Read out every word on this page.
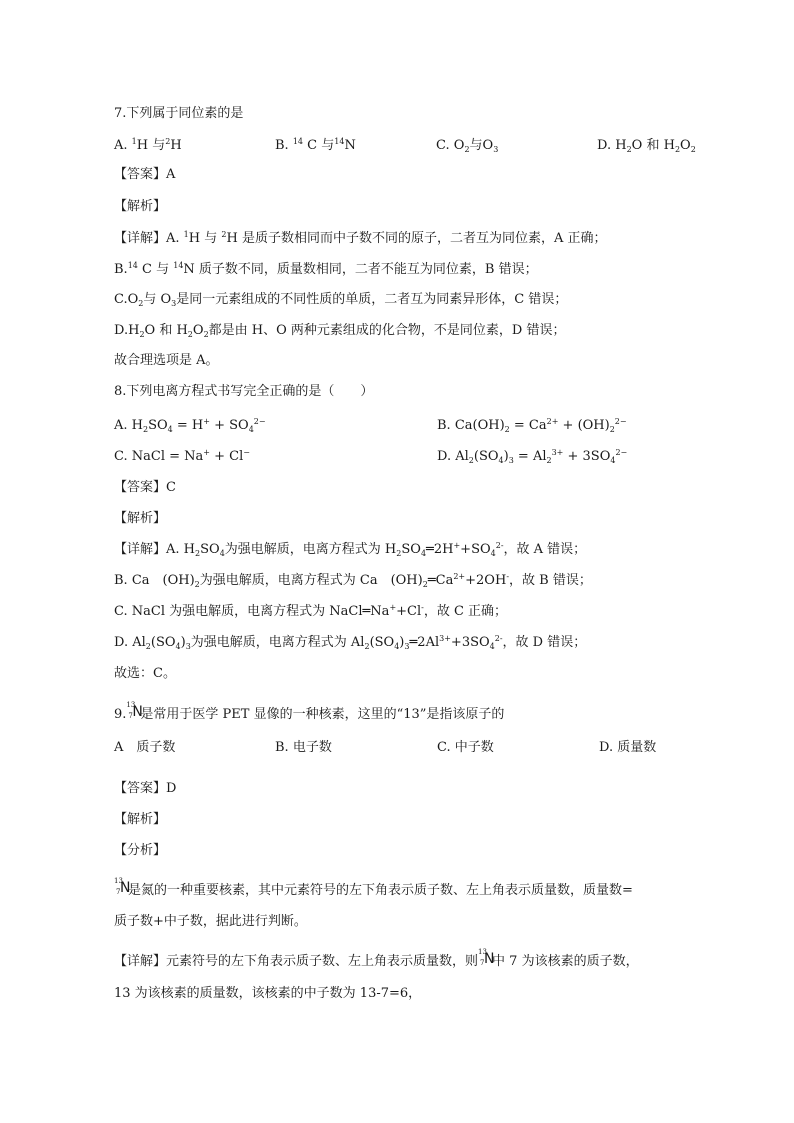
7.下列属于同位素的是
A. $^1$H 与$^2$H	B. $^{14}$ C 与$^{14}$N	C. $O_2$与$O_3$	D. $H_2O$ 和 $H_2O_2$
【答案】A
【解析】
【详解】A. $^1$H 与 $^2$H 是质子数相同而中子数不同的原子，二者互为同位素，A 正确；
B.$^{14}$ C 与 $^{14}$N 质子数不同，质量数相同，二者不能互为同位素，B 错误；
$C.O_2$与 $O_3$是同一元素组成的不同性质的单质，二者互为同素异形体，C 错误；
$D.H_2O$ 和 $H_2O_2$都是由 H、O 两种元素组成的化合物，不是同位素，D 错误；
故合理选项是 A。
8.下列电离方程式书写完全正确的是（　　）
A. $H_2SO_4 = H^+ + SO_4^{2-}$	B. $Ca(OH)_2 = Ca^{2+} + (OH)_2^{2-}$
C. NaCl = Na+ + Cl−	D. $Al_2(SO_4)_3 = Al_2^{3+} + 3SO_4^{2-}$
【答案】C
【解析】
【详解】A. $H_2SO_4$为强电解质，电离方程式为 $H_2SO_4═2H^++SO_4^{2-}$，故 A 错误；
B. Ca　$(OH)_2$为强电解质，电离方程式为 Ca　$(OH)_2═Ca^{2+}+2OH^-$，故 B 错误；
C. NaCl 为强电解质，电离方程式为 NaCl═Na++Cl-，故 C 正确；
D. $Al_2(SO_4)_3$为强电解质，电离方程式为 $Al_2(SO_4)_3═2Al^{3+}+3SO_4^{2-}$，故 D 错误；
故选：C。
9.
13
7 N
是常用于医学 PET 显像的一种核素，这里的“13”是指该原子的
A　质子数	B. 电子数	C. 中子数	D. 质量数
【答案】D
【解析】
【分析】
13
7 N
是氮的一种重要核素，其中元素符号的左下角表示质子数、左上角表示质量数，质量数=
质子数+中子数，据此进行判断。
【详解】元素符号的左下角表示质子数、左上角表示质量数，则
13
7 N
中 7 为该核素的质子数，
13 为该核素的质量数，该核素的中子数为 13-7=6，
